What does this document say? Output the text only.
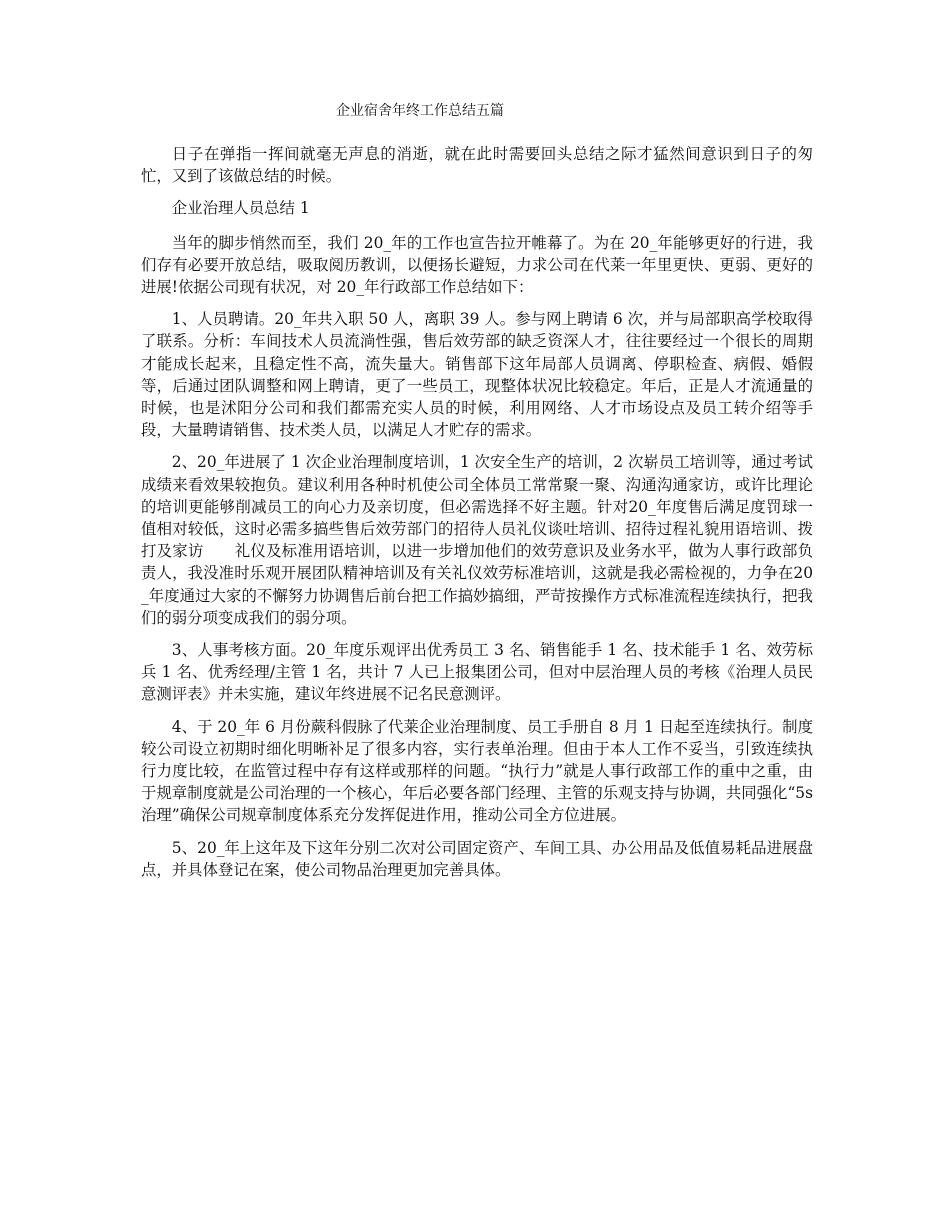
企业宿舍年终工作总结五篇

日子在弹指一挥间就毫无声息的消逝，就在此时需要回头总结之际才猛然间意识到日子的匆忙，又到了该做总结的时候。

企业治理人员总结 1

当年的脚步悄然而至，我们 20_年的工作也宣告拉开帷幕了。为在 20_年能够更好的行进，我们存有必要开放总结，吸取阅历教训，以便扬长避短，力求公司在代莱一年里更快、更弱、更好的进展!依据公司现有状况，对 20_年行政部工作总结如下：

1、人员聘请。20_年共入职 50 人，离职 39 人。参与网上聘请 6 次，并与局部职高学校取得了联系。分析：车间技术人员流淌性强，售后效劳部的缺乏资深人才，往往要经过一个很长的周期才能成长起来，且稳定性不高，流失量大。销售部下这年局部人员调离、停职检查、病假、婚假等，后通过团队调整和网上聘请，更了一些员工，现整体状况比较稳定。年后，正是人才流通量的时候，也是沭阳分公司和我们都需充实人员的时候，利用网络、人才市场设点及员工转介绍等手段，大量聘请销售、技术类人员，以满足人才贮存的需求。

2、20_年进展了 1 次企业治理制度培训，1 次安全生产的培训，2 次崭员工培训等，通过考试成绩来看效果较抱负。建议利用各种时机使公司全体员工常常聚一聚、沟通沟通家访，或许比理论的培训更能够削减员工的向心力及亲切度，但必需选择不好主题。针对20_年度售后满足度罚球一值相对较低，这时必需多搞些售后效劳部门的招待人员礼仪谈吐培训、招待过程礼貌用语培训、拨打及家访　　礼仪及标准用语培训，以进一步增加他们的效劳意识及业务水平，做为人事行政部负责人，我没准时乐观开展团队精神培训及有关礼仪效劳标准培训，这就是我必需检视的，力争在20_年度通过大家的不懈努力协调售后前台把工作搞妙搞细，严苛按操作方式标准流程连续执行，把我们的弱分项变成我们的弱分项。

3、人事考核方面。20_年度乐观评出优秀员工 3 名、销售能手 1 名、技术能手 1 名、效劳标兵 1 名、优秀经理/主管 1 名，共计 7 人已上报集团公司，但对中层治理人员的考核《治理人员民意测评表》并未实施，建议年终进展不记名民意测评。

4、于 20_年 6 月份蕨科假脉了代莱企业治理制度、员工手册自 8 月 1 日起至连续执行。制度较公司设立初期时细化明晰补足了很多内容，实行表单治理。但由于本人工作不妥当，引致连续执行力度比较，在监管过程中存有这样或那样的问题。“执行力”就是人事行政部工作的重中之重，由于规章制度就是公司治理的一个核心，年后必要各部门经理、主管的乐观支持与协调，共同强化“5s 治理”确保公司规章制度体系充分发挥促进作用，推动公司全方位进展。

5、20_年上这年及下这年分别二次对公司固定资产、车间工具、办公用品及低值易耗品进展盘点，并具体登记在案，使公司物品治理更加完善具体。
